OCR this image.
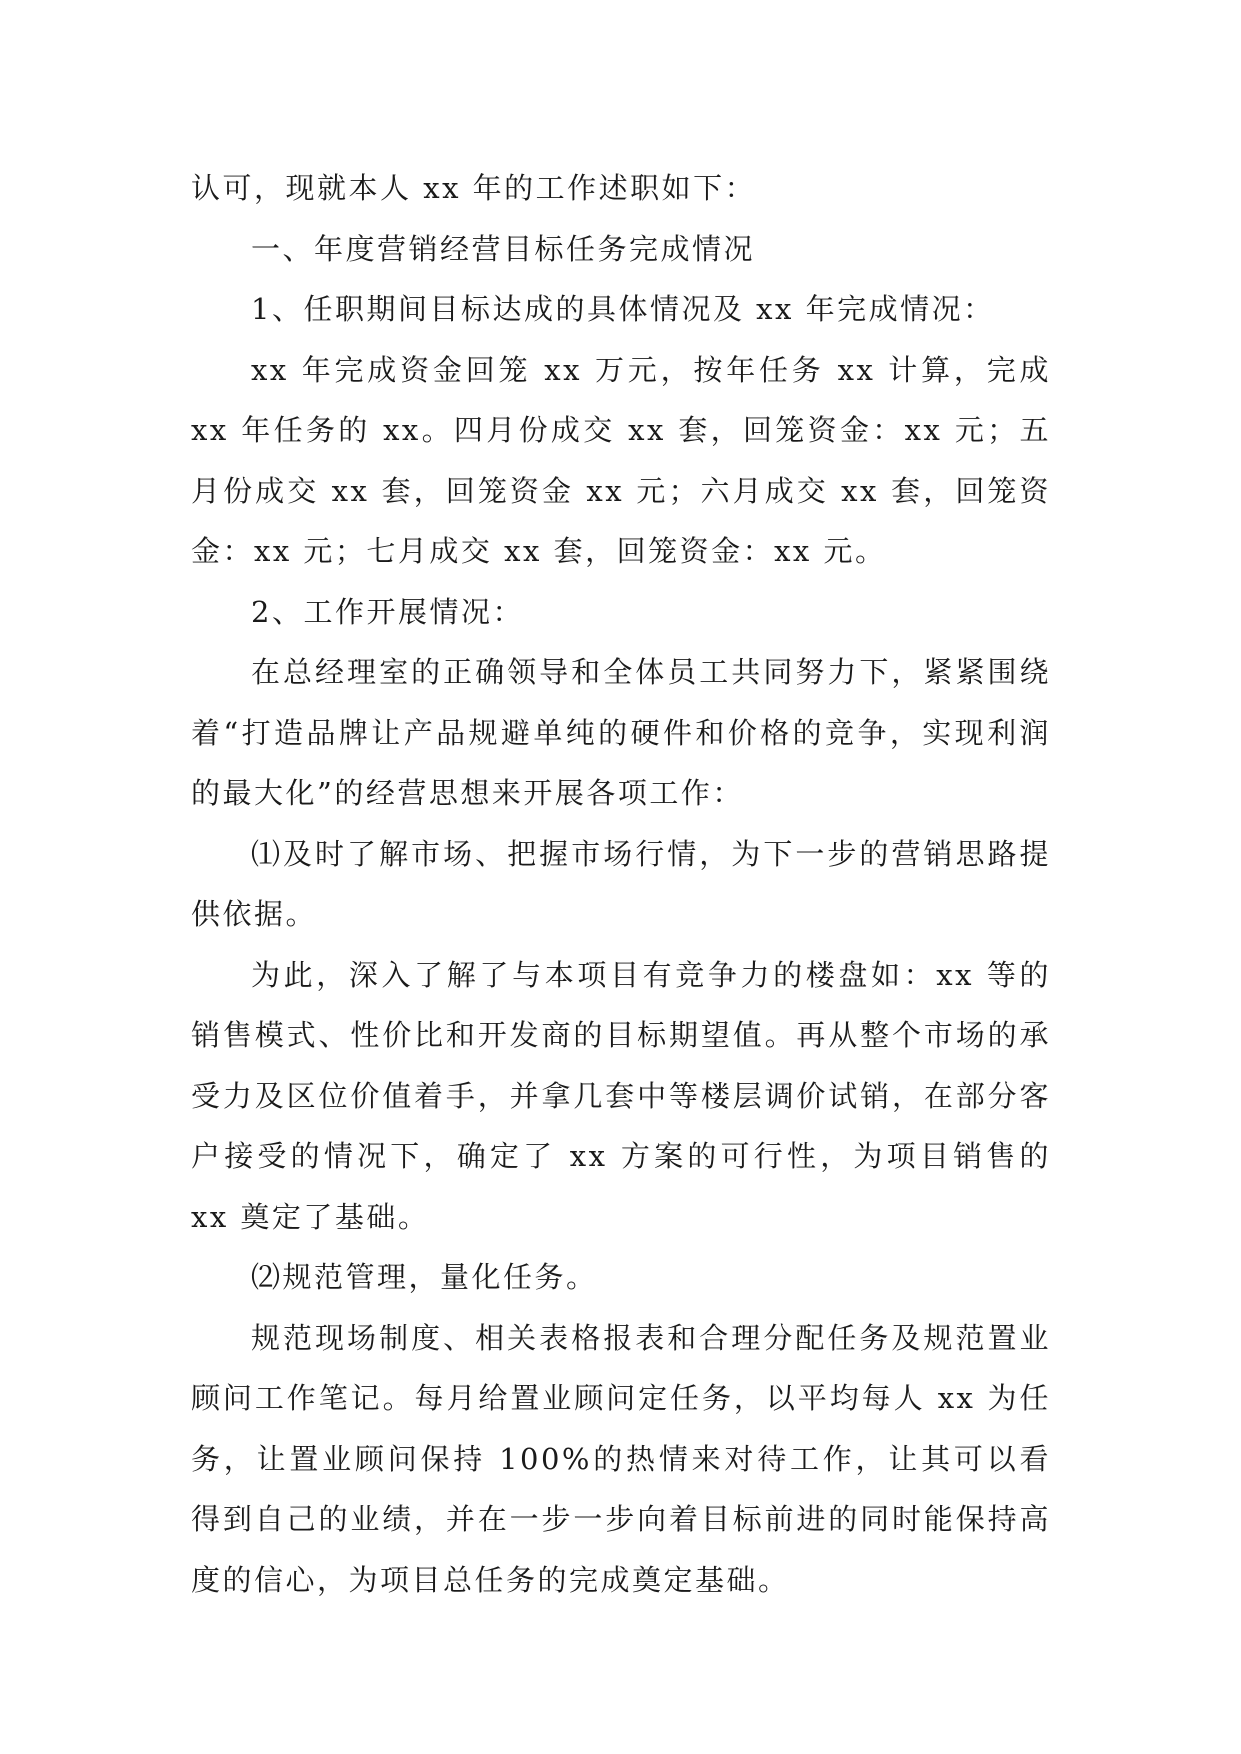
认可，现就本人 xx 年的工作述职如下：

一、年度营销经营目标任务完成情况

1、任职期间目标达成的具体情况及 xx 年完成情况：

xx 年完成资金回笼 xx 万元，按年任务 xx 计算，完成 xx 年任务的 xx。四月份成交 xx 套，回笼资金：xx 元；五月份成交 xx 套，回笼资金 xx 元；六月成交 xx 套，回笼资金：xx 元；七月成交 xx 套，回笼资金：xx 元。

2、工作开展情况：

在总经理室的正确领导和全体员工共同努力下，紧紧围绕着“打造品牌让产品规避单纯的硬件和价格的竞争，实现利润的最大化”的经营思想来开展各项工作：

⑴及时了解市场、把握市场行情，为下一步的营销思路提供依据。

为此，深入了解了与本项目有竞争力的楼盘如：xx 等的销售模式、性价比和开发商的目标期望值。再从整个市场的承受力及区位价值着手，并拿几套中等楼层调价试销，在部分客户接受的情况下，确定了 xx 方案的可行性，为项目销售的 xx 奠定了基础。

⑵规范管理，量化任务。

规范现场制度、相关表格报表和合理分配任务及规范置业顾问工作笔记。每月给置业顾问定任务，以平均每人 xx 为任务，让置业顾问保持 100%的热情来对待工作，让其可以看得到自己的业绩，并在一步一步向着目标前进的同时能保持高度的信心，为项目总任务的完成奠定基础。
